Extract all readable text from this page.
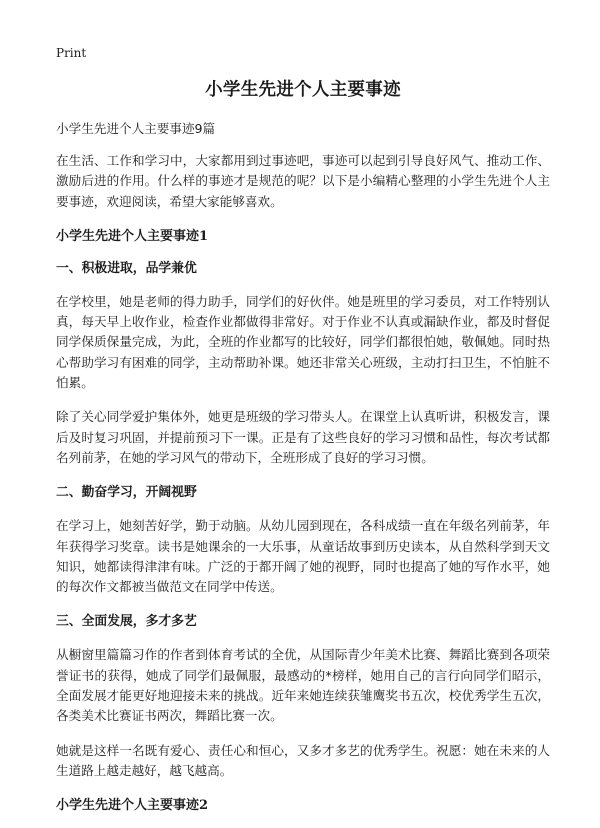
Print
小学生先进个人主要事迹
小学生先进个人主要事迹9篇

在生活、工作和学习中，大家都用到过事迹吧，事迹可以起到引导良好风气、推动工作、激励后进的作用。什么样的事迹才是规范的呢？以下是小编精心整理的小学生先进个人主要事迹，欢迎阅读，希望大家能够喜欢。

小学生先进个人主要事迹1
一、积极进取，品学兼优

在学校里，她是老师的得力助手，同学们的好伙伴。她是班里的学习委员，对工作特别认真，每天早上收作业，检查作业都做得非常好。对于作业不认真或漏缺作业，都及时督促同学保质保量完成，为此，全班的作业都写的比较好，同学们都很怕她，敬佩她。同时热心帮助学习有困难的同学，主动帮助补课。她还非常关心班级，主动打扫卫生，不怕脏不怕累。

除了关心同学爱护集体外，她更是班级的学习带头人。在课堂上认真听讲，积极发言，课后及时复习巩固，并提前预习下一课。正是有了这些良好的学习习惯和品性，每次考试都名列前茅，在她的学习风气的带动下，全班形成了良好的学习习惯。

二、勤奋学习，开阔视野

在学习上，她刻苦好学，勤于动脑。从幼儿园到现在，各科成绩一直在年级名列前茅，年年获得学习奖章。读书是她课余的一大乐事，从童话故事到历史读本，从自然科学到天文知识，她都读得津津有味。广泛的于都开阔了她的视野，同时也提高了她的写作水平，她的每次作文都被当做范文在同学中传送。

三、全面发展，多才多艺

从橱窗里篇篇习作的作者到体育考试的全优，从国际青少年美术比赛、舞蹈比赛到各项荣誉证书的获得，她成了同学们最佩服，最感动的*榜样，她用自己的言行向同学们昭示，全面发展才能更好地迎接未来的挑战。近年来她连续获雏鹰奖书五次，校优秀学生五次，各类美术比赛证书两次，舞蹈比赛一次。

她就是这样一名既有爱心、责任心和恒心，又多才多艺的优秀学生。祝愿：她在未来的人生道路上越走越好，越飞越高。

小学生先进个人主要事迹2
